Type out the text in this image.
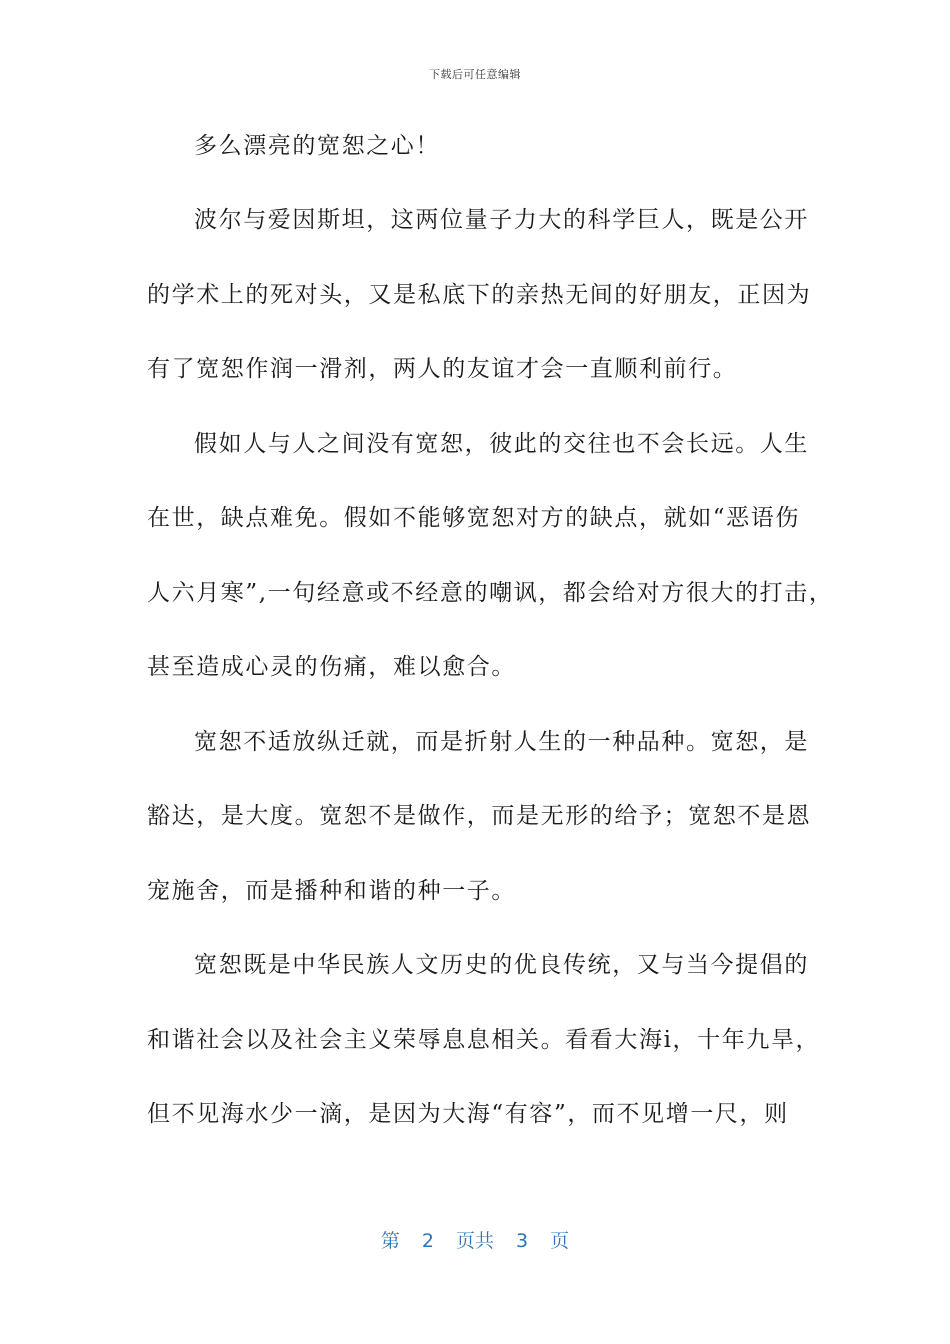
下载后可任意编辑
多么漂亮的宽恕之心！
波尔与爱因斯坦，这两位量子力大的科学巨人，既是公开
的学术上的死对头，又是私底下的亲热无间的好朋友，正因为
有了宽恕作润一滑剂，两人的友谊才会一直顺利前行。
假如人与人之间没有宽恕，彼此的交往也不会长远。人生
在世，缺点难免。假如不能够宽恕对方的缺点，就如“恶语伤
人六月寒”,一句经意或不经意的嘲讽，都会给对方很大的打击，
甚至造成心灵的伤痛，难以愈合。
宽恕不适放纵迁就，而是折射人生的一种品种。宽恕，是
豁达，是大度。宽恕不是做作，而是无形的给予；宽恕不是恩
宠施舍，而是播种和谐的种一子。
宽恕既是中华民族人文历史的优良传统，又与当今提倡的
和谐社会以及社会主义荣辱息息相关。看看大海ⅰ，十年九旱，
但不见海水少一滴，是因为大海“有容”，而不见增一尺，则
第 2 页共 3 页
